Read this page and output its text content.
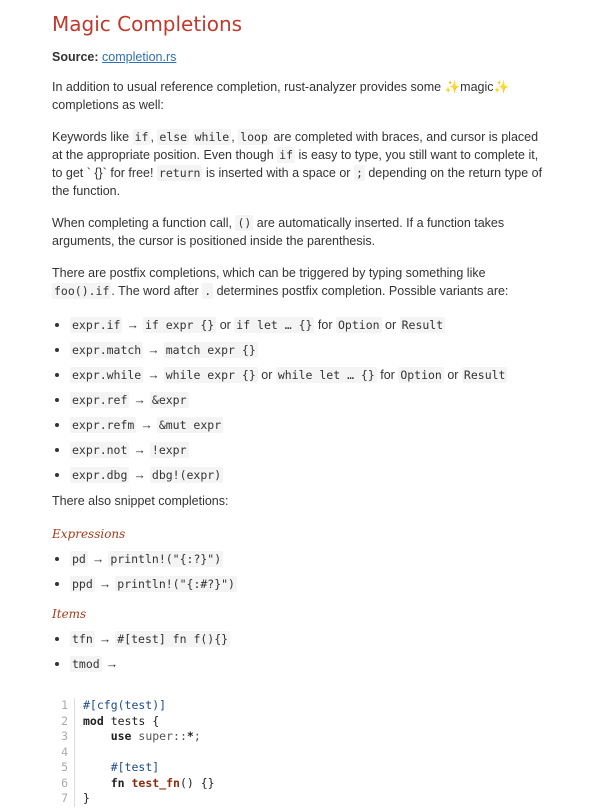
Magic Completions

Source: completion.rs

In addition to usual reference completion, rust-analyzer provides some ✨magic✨ completions as well:

Keywords like if , else while , loop are completed with braces, and cursor is placed at the appropriate position. Even though if is easy to type, you still want to complete it, to get ` {}` for free! return is inserted with a space or ; depending on the return type of the function.

When completing a function call, () are automatically inserted. If a function takes arguments, the cursor is positioned inside the parenthesis.

There are postfix completions, which can be triggered by typing something like foo().if . The word after . determines postfix completion. Possible variants are:

• expr.if → if expr {} or if let … {} for Option or Result
• expr.match → match expr {}
• expr.while → while expr {} or while let … {} for Option or Result
• expr.ref → &expr
• expr.refm → &mut expr
• expr.not → !expr
• expr.dbg → dbg!(expr)

There also snippet completions:

Expressions
• pd → println!("{:?}")
• ppd → println!("{:#?}")
Items
• tfn → #[test] fn f(){}
• tmod →
1	#[cfg(test)]
2	mod tests {
3	use super::*;
4

5	#[test]
6	fn test_fn() {}
7	}
